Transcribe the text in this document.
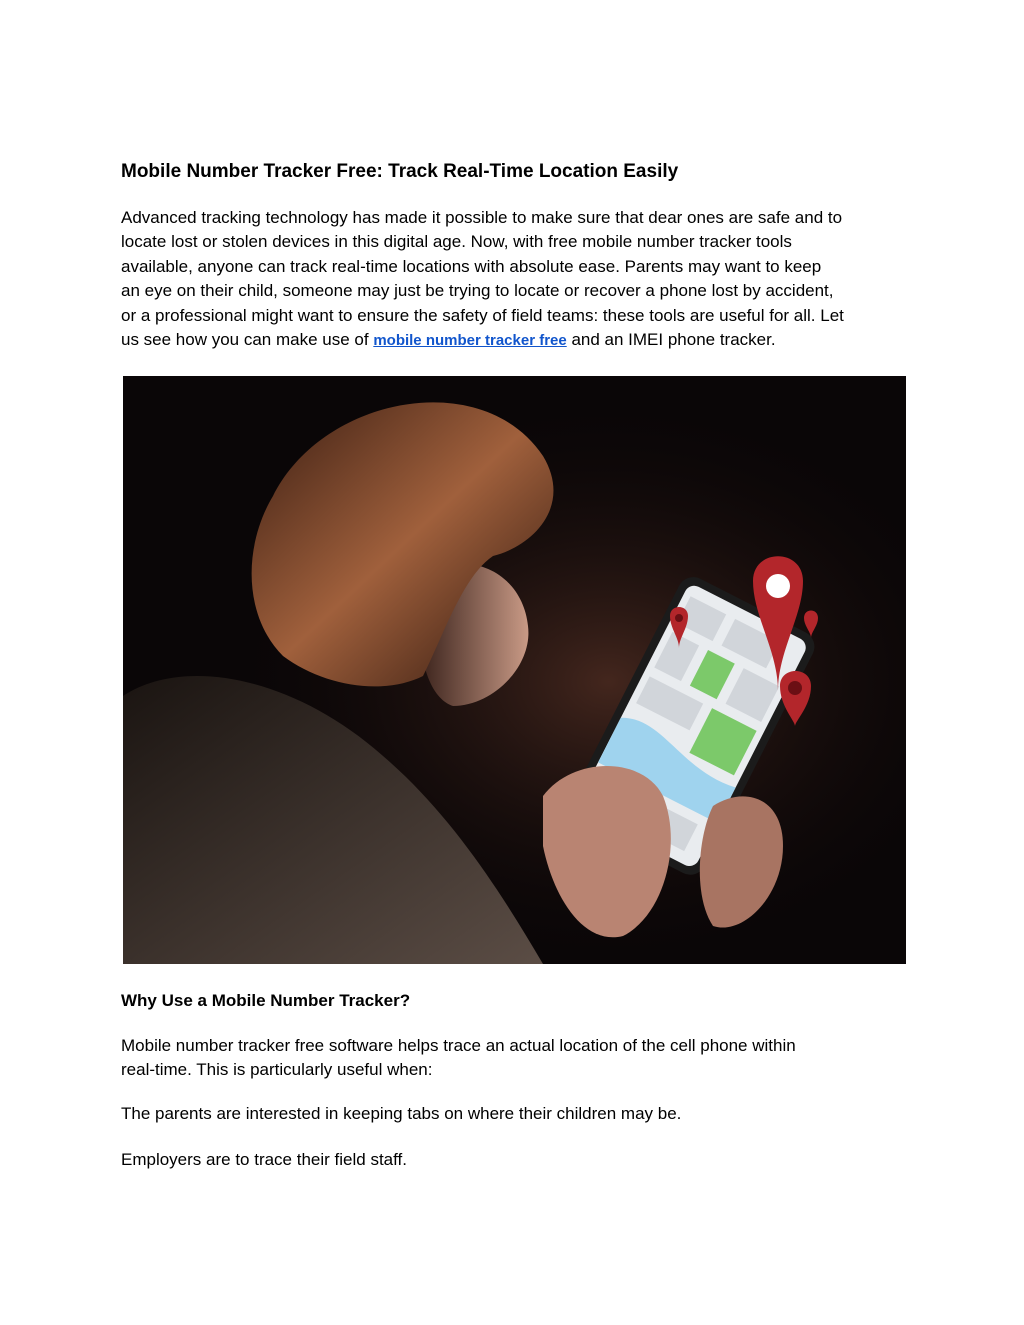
Mobile Number Tracker Free: Track Real-Time Location Easily
Advanced tracking technology has made it possible to make sure that dear ones are safe and to
locate lost or stolen devices in this digital age. Now, with free mobile number tracker tools
available, anyone can track real-time locations with absolute ease. Parents may want to keep
an eye on their child, someone may just be trying to locate or recover a phone lost by accident,
or a professional might want to ensure the safety of field teams: these tools are useful for all. Let
us see how you can make use of mobile number tracker free and an IMEI phone tracker.
Why Use a Mobile Number Tracker?
Mobile number tracker free software helps trace an actual location of the cell phone within
real-time. This is particularly useful when:
The parents are interested in keeping tabs on where their children may be.
Employers are to trace their field staff.
